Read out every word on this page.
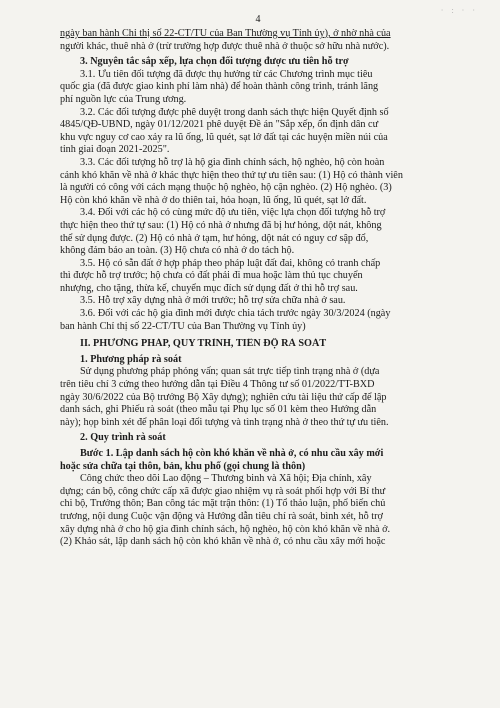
· : · ·
4
ngày ban hành Chỉ thị số 22-CT/TU của Ban Thường vụ Tỉnh ủy), ở nhờ nhà của
người khác, thuê nhà ở (trừ trường hợp được thuê nhà ở thuộc sở hữu nhà nước).
3. Nguyên tắc sắp xếp, lựa chọn đối tượng được ưu tiên hỗ trợ
3.1. Ưu tiên đối tượng đã được thụ hưởng từ các Chương trình mục tiêu
quốc gia (đã được giao kinh phí làm nhà) để hoàn thành công trình, tránh lãng
phí nguồn lực của Trung ương.
3.2. Các đối tượng được phê duyệt trong danh sách thực hiện Quyết định số
4845/QĐ-UBND, ngày 01/12/2021 phê duyệt Đề án "Sắp xếp, ổn định dân cư
khu vực nguy cơ cao xảy ra lũ ống, lũ quét, sạt lở đất tại các huyện miền núi của
tỉnh giai đoạn 2021-2025".
3.3. Các đối tượng hỗ trợ là hộ gia đình chính sách, hộ nghèo, hộ còn hoàn
cảnh khó khăn về nhà ở khác thực hiện theo thứ tự ưu tiên sau: (1) Hộ có thành viên
là người có công với cách mạng thuộc hộ nghèo, hộ cận nghèo. (2) Hộ nghèo. (3)
Hộ còn khó khăn về nhà ở do thiên tai, hỏa hoạn, lũ ống, lũ quét, sạt lở đất.
3.4. Đối với các hộ có cùng mức độ ưu tiên, việc lựa chọn đối tượng hỗ trợ
thực hiện theo thứ tự sau: (1) Hộ có nhà ở nhưng đã bị hư hỏng, dột nát, không
thể sử dụng được. (2) Hộ có nhà ở tạm, hư hỏng, dột nát có nguy cơ sập đổ,
không đảm bảo an toàn. (3) Hộ chưa có nhà ở do tách hộ.
3.5. Hộ có sẵn đất ở hợp pháp theo pháp luật đất đai, không có tranh chấp
thì được hỗ trợ trước; hộ chưa có đất phải đi mua hoặc làm thủ tục chuyển
nhượng, cho tặng, thừa kế, chuyển mục đích sử dụng đất ở thì hỗ trợ sau.
3.5. Hỗ trợ xây dựng nhà ở mới trước; hỗ trợ sửa chữa nhà ở sau.
3.6. Đối với các hộ gia đình mới được chia tách trước ngày 30/3/2024 (ngày
ban hành Chỉ thị số 22-CT/TU của Ban Thường vụ Tỉnh ủy)
II. PHƯƠNG PHÁP, QUY TRÌNH, TIẾN ĐỘ RÀ SOÁT
1. Phương pháp rà soát
Sử dụng phương pháp phỏng vấn; quan sát trực tiếp tình trạng nhà ở (dựa
trên tiêu chí 3 cứng theo hướng dẫn tại Điều 4 Thông tư số 01/2022/TT-BXD
ngày 30/6/2022 của Bộ trưởng Bộ Xây dựng); nghiên cứu tài liệu thứ cấp để lập
danh sách, ghi Phiếu rà soát (theo mẫu tại Phụ lục số 01 kèm theo Hướng dẫn
này); họp bình xét để phân loại đối tượng và tình trạng nhà ở theo thứ tự ưu tiên.
2. Quy trình rà soát
Bước 1. Lập danh sách hộ còn khó khăn về nhà ở, có nhu cầu xây mới
hoặc sửa chữa tại thôn, bản, khu phố (gọi chung là thôn)
Công chức theo dõi Lao động – Thương binh và Xã hội; Địa chính, xây
dựng; cán bộ, công chức cấp xã được giao nhiệm vụ rà soát phối hợp với Bí thư
chi bộ, Trưởng thôn; Ban công tác mặt trận thôn: (1) Tổ thảo luận, phổ biến chủ
trương, nội dung Cuộc vận động và Hướng dẫn tiêu chí rà soát, bình xét, hỗ trợ
xây dựng nhà ở cho hộ gia đình chính sách, hộ nghèo, hộ còn khó khăn về nhà ở.
(2) Khảo sát, lập danh sách hộ còn khó khăn về nhà ở, có nhu cầu xây mới hoặc
